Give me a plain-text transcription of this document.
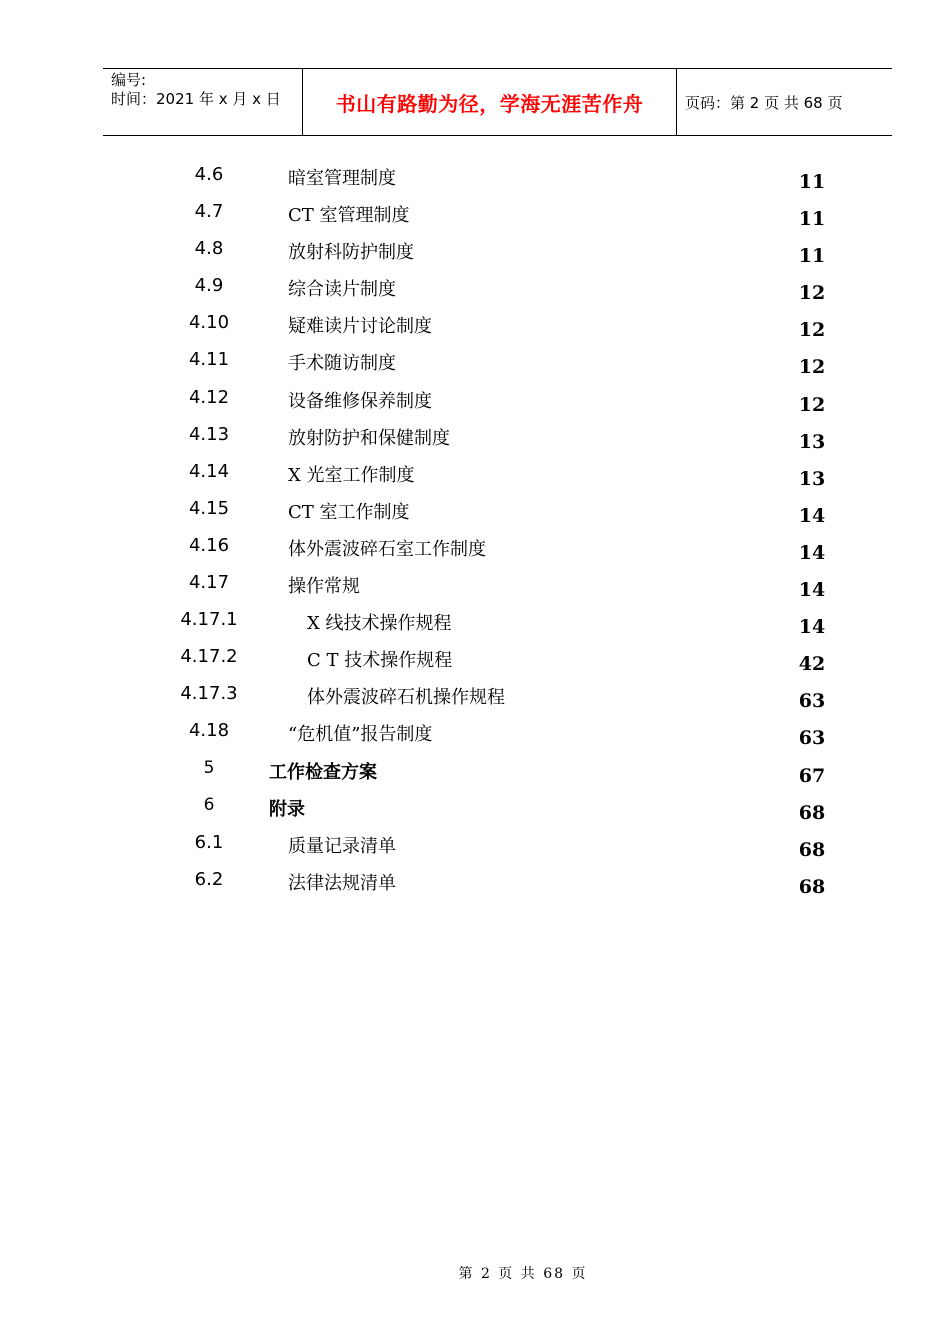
编号:
时间：2021 年 x 月 x 日	书山有路勤为径，学海无涯苦作舟	页码：第 2 页 共 68 页
4.6	暗室管理制度	11
4.7	CT 室管理制度	11
4.8	放射科防护制度	11
4.9	综合读片制度	12
4.10	疑难读片讨论制度	12
4.11	手术随访制度	12
4.12	设备维修保养制度	12
4.13	放射防护和保健制度	13
4.14	X 光室工作制度	13
4.15	CT 室工作制度	14
4.16	体外震波碎石室工作制度	14
4.17	操作常规	14
4.17.1	X 线技术操作规程	14
4.17.2	C T 技术操作规程	42
4.17.3	体外震波碎石机操作规程	63
4.18	“危机值”报告制度	63
5	工作检查方案	67
6	附录	68
6.1	质量记录清单	68
6.2	法律法规清单	68
第 2 页 共 68 页
